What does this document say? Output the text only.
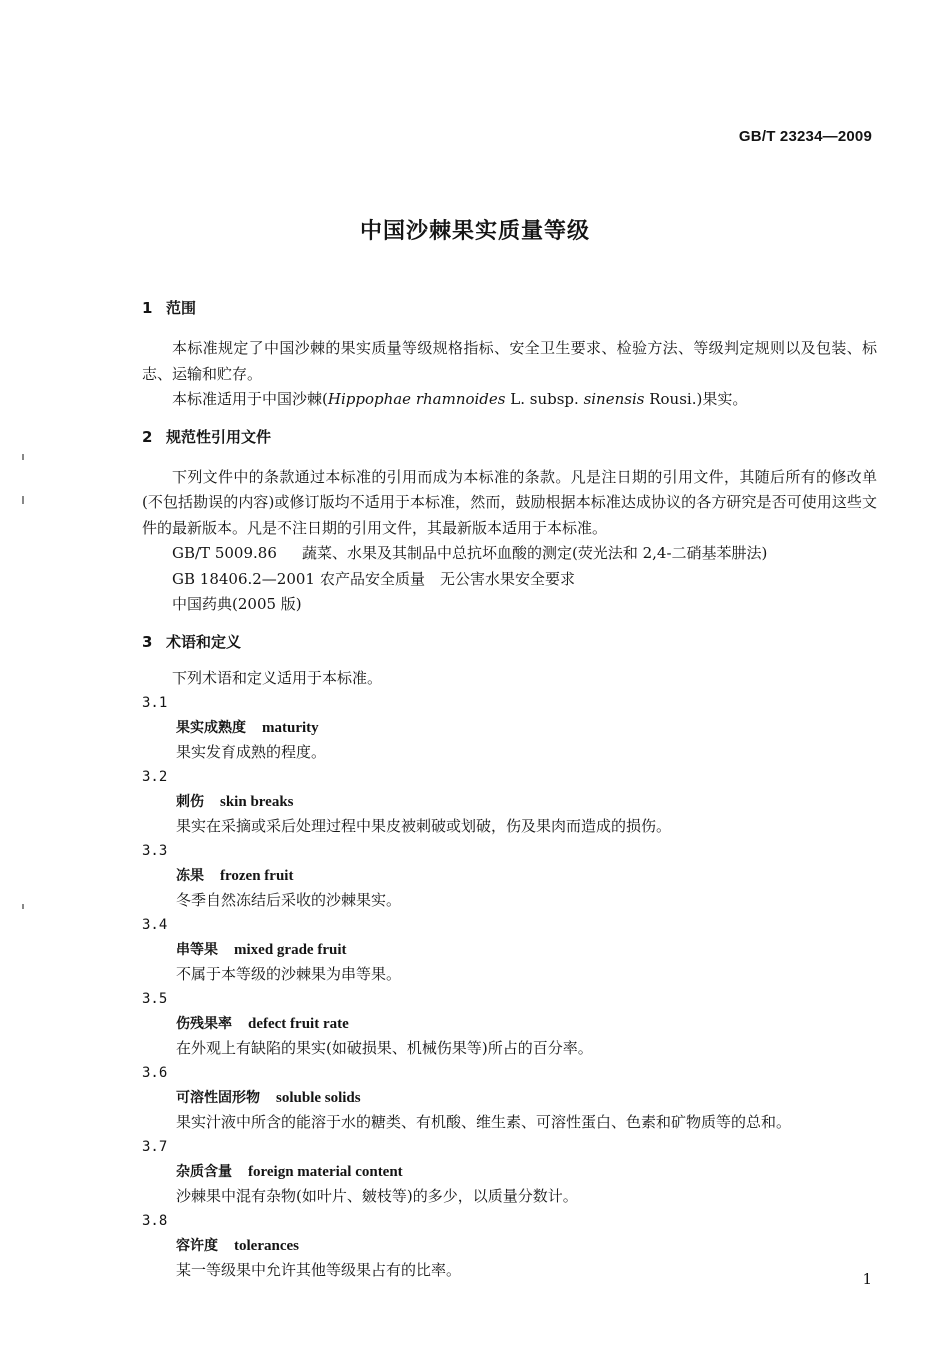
GB/T 23234—2009
中国沙棘果实质量等级
1 范围

本标准规定了中国沙棘的果实质量等级规格指标、安全卫生要求、检验方法、等级判定规则以及包装、标志、运输和贮存。

本标准适用于中国沙棘(Hippophae rhamnoides L. subsp. sinensis Rousi.)果实。

2 规范性引用文件

下列文件中的条款通过本标准的引用而成为本标准的条款。凡是注日期的引用文件，其随后所有的修改单(不包括勘误的内容)或修订版均不适用于本标准，然而，鼓励根据本标准达成协议的各方研究是否可使用这些文件的最新版本。凡是不注日期的引用文件，其最新版本适用于本标准。

GB/T 5009.86 蔬菜、水果及其制品中总抗坏血酸的测定(荧光法和 2,4-二硝基苯肼法)
GB 18406.2—2001 农产品安全质量　无公害水果安全要求
中国药典(2005 版)
3 术语和定义
下列术语和定义适用于本标准。
3.1
果实成熟度 maturity
果实发育成熟的程度。
3.2
刺伤 skin breaks
果实在采摘或采后处理过程中果皮被刺破或划破，伤及果肉而造成的损伤。
3.3
冻果 frozen fruit
冬季自然冻结后采收的沙棘果实。
3.4
串等果 mixed grade fruit
不属于本等级的沙棘果为串等果。
3.5
伤残果率 defect fruit rate
在外观上有缺陷的果实(如破损果、机械伤果等)所占的百分率。
3.6
可溶性固形物 soluble solids
果实汁液中所含的能溶于水的糖类、有机酸、维生素、可溶性蛋白、色素和矿物质等的总和。
3.7
杂质含量 foreign material content
沙棘果中混有杂物(如叶片、皴枝等)的多少，以质量分数计。
3.8
容许度 tolerances
某一等级果中允许其他等级果占有的比率。	1
